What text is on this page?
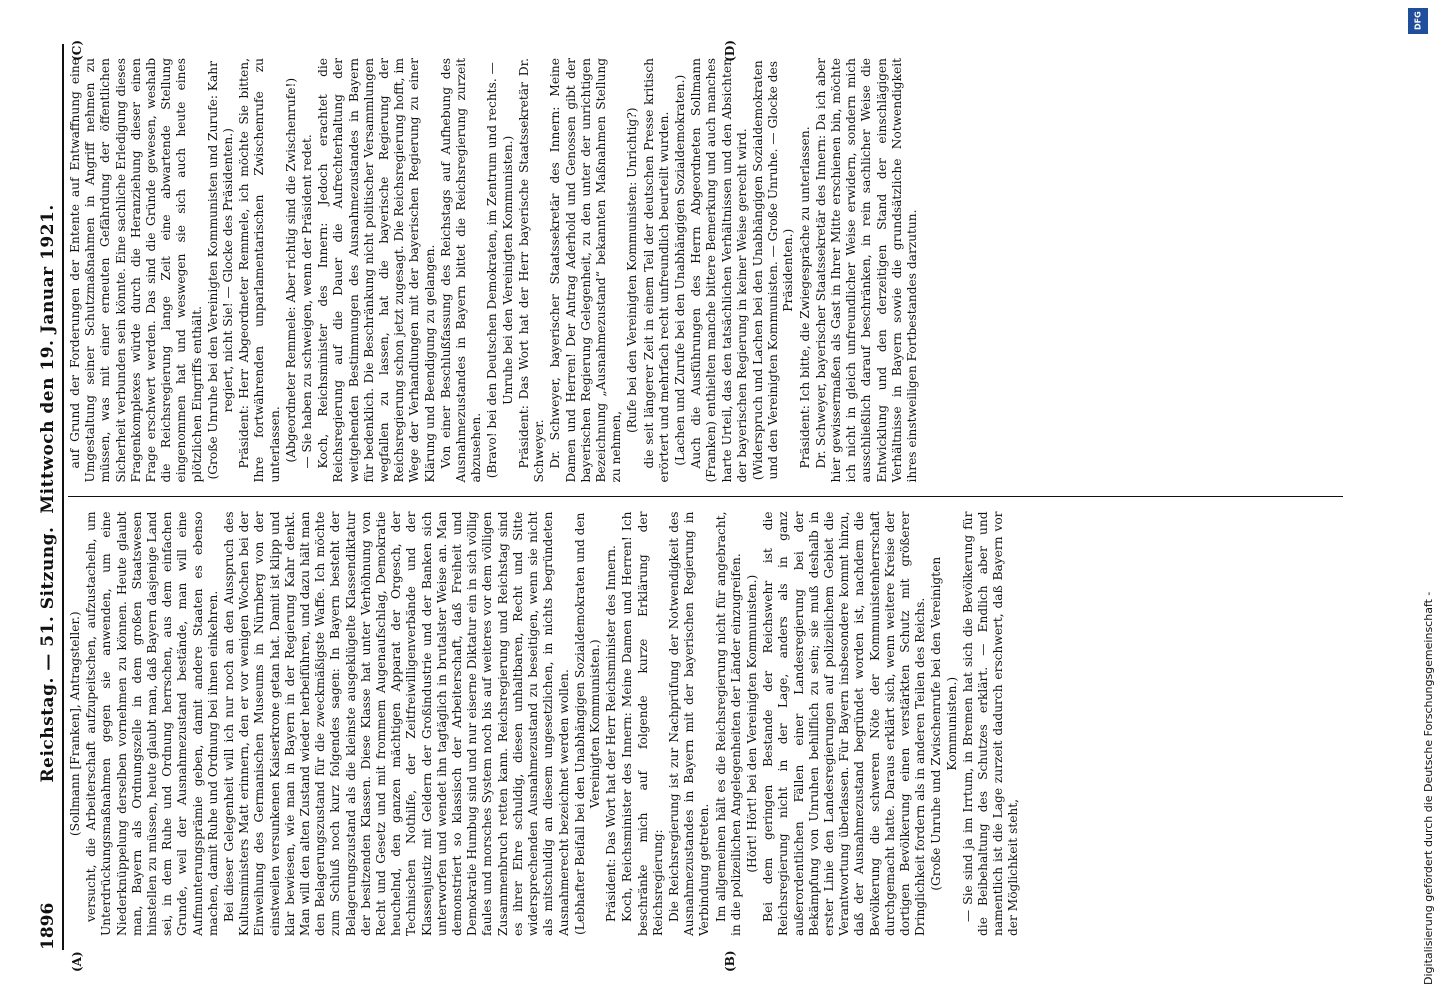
1896
Reichstag. — 51. Sitzung.  Mittwoch den 19. Januar 1921.
(A)	(B)

(Sollmann [Franken], Antragsteller.) versucht, die Arbeiterschaft aufzupeitschen, aufzustacheln, um Unterdrückungsmaßnahmen gegen sie anwenden, um eine Niederknüppelung derselben vornehmen zu können. Heute glaubt man, Bayern als Ordnungszelle in dem großen Staatswesen hinstellen zu müssen, heute glaubt man, daß Bayern dasjenige Land sei, in dem Ruhe und Ordnung herrschen, aus dem einfachen Grunde, weil der Ausnahmezustand bestände, man will eine Aufmunterungsprämie geben, damit andere Staaten es ebenso machen, damit Ruhe und Ordnung bei ihnen einkehren. Bei dieser Gelegenheit will ich nur noch an den Ausspruch des Kultusministers Matt erinnern, den er vor wenigen Wochen bei der Einweihung des Germanischen Museums in Nürnberg von der einstweilen versunkenen Kaiserkrone getan hat. Damit ist klipp und klar bewiesen, wie man in Bayern in der Regierung Kahr denkt. Man will den alten Zustand wieder herbeiführen, und dazu hält man den Belagerungszustand für die zweckmäßigste Waffe. Ich möchte zum Schluß noch kurz folgendes sagen: In Bayern besteht der Belagerungszustand als die kleinste ausgeklügelte Klassendiktatur der besitzenden Klassen. Diese Klasse hat unter Verhöhnung von Recht und Gesetz und mit frommem Augenaufschlag, Demokratie heuchelnd, den ganzen mächtigen Apparat der Orgesch, der Technischen Nothilfe, der Zeitfreiwilligenverbände und der Klassenjustiz mit Geldern der Großindustrie und der Banken sich unterworfen und wendet ihn tagtäglich in brutalster Weise an. Man demonstriert so klassisch der Arbeiterschaft, daß Freiheit und Demokratie Humbug sind und nur eiserne Diktatur ein in sich völlig faules und morsches System noch bis auf weiteres vor dem völligen Zusammenbruch retten kann. Reichsregierung und Reichstag sind es ihrer Ehre schuldig, diesen unhaltbaren, Recht und Sitte widersprechenden Ausnahmezustand zu beseitigen, wenn sie nicht als mitschuldig an diesem ungesetzlichen, in nichts begründeten Ausnahmerecht bezeichnet werden wollen. (Lebhafter Beifall bei den Unabhängigen Sozialdemokraten und den Vereinigten Kommunisten.) Präsident: Das Wort hat der Herr Reichsminister des Innern. Koch, Reichsminister des Innern: Meine Damen und Herren! Ich beschränke mich auf folgende kurze Erklärung der Reichsregierung: Die Reichsregierung ist zur Nachprüfung der Notwendigkeit des Ausnahmezustandes in Bayern mit der bayerischen Regierung in Verbindung getreten. Im allgemeinen hält es die Reichsregierung nicht für angebracht, in die polizeilichen Angelegenheiten der Länder einzugreifen. (Hört! Hört! bei den Vereinigten Kommunisten.) Bei dem geringen Bestande der Reichswehr ist die Reichsregierung nicht in der Lage, anders als in ganz außerordentlichen Fällen einer Landesregierung bei der Bekämpfung von Unruhen behilflich zu sein; sie muß deshalb in erster Linie den Landesregierungen auf polizeilichem Gebiet die Verantwortung überlassen. Für Bayern insbesondere kommt hinzu, daß der Ausnahmezustand begründet worden ist, nachdem die Bevölkerung die schweren Nöte der Kommunistenherrschaft durchgemacht hatte. Daraus erklärt sich, wenn weitere Kreise der dortigen Bevölkerung einen verstärkten Schutz mit größerer Dringlichkeit fordern als in anderen Teilen des Reichs. (Große Unruhe und Zwischenrufe bei den Vereinigten Kommunisten.) — Sie sind ja im Irrtum, in Bremen hat sich die Bevölkerung für die Beibehaltung des Schutzes erklärt. — Endlich aber und namentlich ist die Lage zurzeit dadurch erschwert, daß Bayern vor der Möglichkeit steht,

(C)	(D)

auf Grund der Forderungen der Entente auf Entwaffnung eine Umgestaltung seiner Schutzmaßnahmen in Angriff nehmen zu müssen, was mit einer erneuten Gefährdung der öffentlichen Sicherheit verbunden sein könnte. Eine sachliche Erledigung dieses Fragenkomplexes würde durch die Heranziehung dieser einen Frage erschwert werden. Das sind die Gründe gewesen, weshalb die Reichsregierung lange Zeit eine abwartende Stellung eingenommen hat und weswegen sie sich auch heute eines plötzlichen Eingriffs enthält. (Große Unruhe bei den Vereinigten Kommunisten und Zurufe: Kahr regiert, nicht Sie! — Glocke des Präsidenten.) Präsident: Herr Abgeordneter Remmele, ich möchte Sie bitten, Ihre fortwährenden unparlamentarischen Zwischenrufe zu unterlassen. (Abgeordneter Remmele: Aber richtig sind die Zwischenrufe!) — Sie haben zu schweigen, wenn der Präsident redet. Koch, Reichsminister des Innern: Jedoch erachtet die Reichsregierung auf die Dauer die Aufrechterhaltung der weitgehenden Bestimmungen des Ausnahmezustandes in Bayern für bedenklich. Die Beschränkung nicht politischer Versammlungen wegfallen zu lassen, hat die bayerische Regierung der Reichsregierung schon jetzt zugesagt. Die Reichsregierung hofft, im Wege der Verhandlungen mit der bayerischen Regierung zu einer Klärung und Beendigung zu gelangen. Von einer Beschlußfassung des Reichstags auf Aufhebung des Ausnahmezustandes in Bayern bittet die Reichsregierung zurzeit abzusehen. (Bravo! bei den Deutschen Demokraten, im Zentrum und rechts. — Unruhe bei den Vereinigten Kommunisten.) Präsident: Das Wort hat der Herr bayerische Staatssekretär Dr. Schweyer. Dr. Schweyer, bayerischer Staatssekretär des Innern: Meine Damen und Herren! Der Antrag Aderhold und Genossen gibt der bayerischen Regierung Gelegenheit, zu den unter der unrichtigen Bezeichnung „Ausnahmezustand“ bekannten Maßnahmen Stellung zu nehmen,

(Rufe bei den Vereinigten Kommunisten: Unrichtig?) die seit längerer Zeit in einem Teil der deutschen Presse kritisch erörtert und mehrfach recht unfreundlich beurteilt wurden. (Lachen und Zurufe bei den Unabhängigen Sozialdemokraten.) Auch die Ausführungen des Herrn Abgeordneten Sollmann (Franken) enthielten manche bittere Bemerkung und auch manches harte Urteil, das den tatsächlichen Verhältnissen und den Absichten der bayerischen Regierung in keiner Weise gerecht wird. (Widerspruch und Lachen bei den Unabhängigen Sozialdemokraten und den Vereinigten Kommunisten. — Große Unruhe. — Glocke des Präsidenten.) Präsident: Ich bitte, die Zwiegespräche zu unterlassen. Dr. Schweyer, bayerischer Staatssekretär des Innern: Da ich aber hier gewissermaßen als Gast in Ihrer Mitte erschienen bin, möchte ich nicht in gleich unfreundlicher Weise erwidern, sondern mich ausschließlich darauf beschränken, in rein sachlicher Weise die Entwicklung und den derzeitigen Stand der einschlägigen Verhältnisse in Bayern sowie die grundsätzliche Notwendigkeit ihres einstweiligen Fortbestandes darzutun.

DFG
Digitalisierung gefördert durch die Deutsche Forschungsgemeinschaft -
